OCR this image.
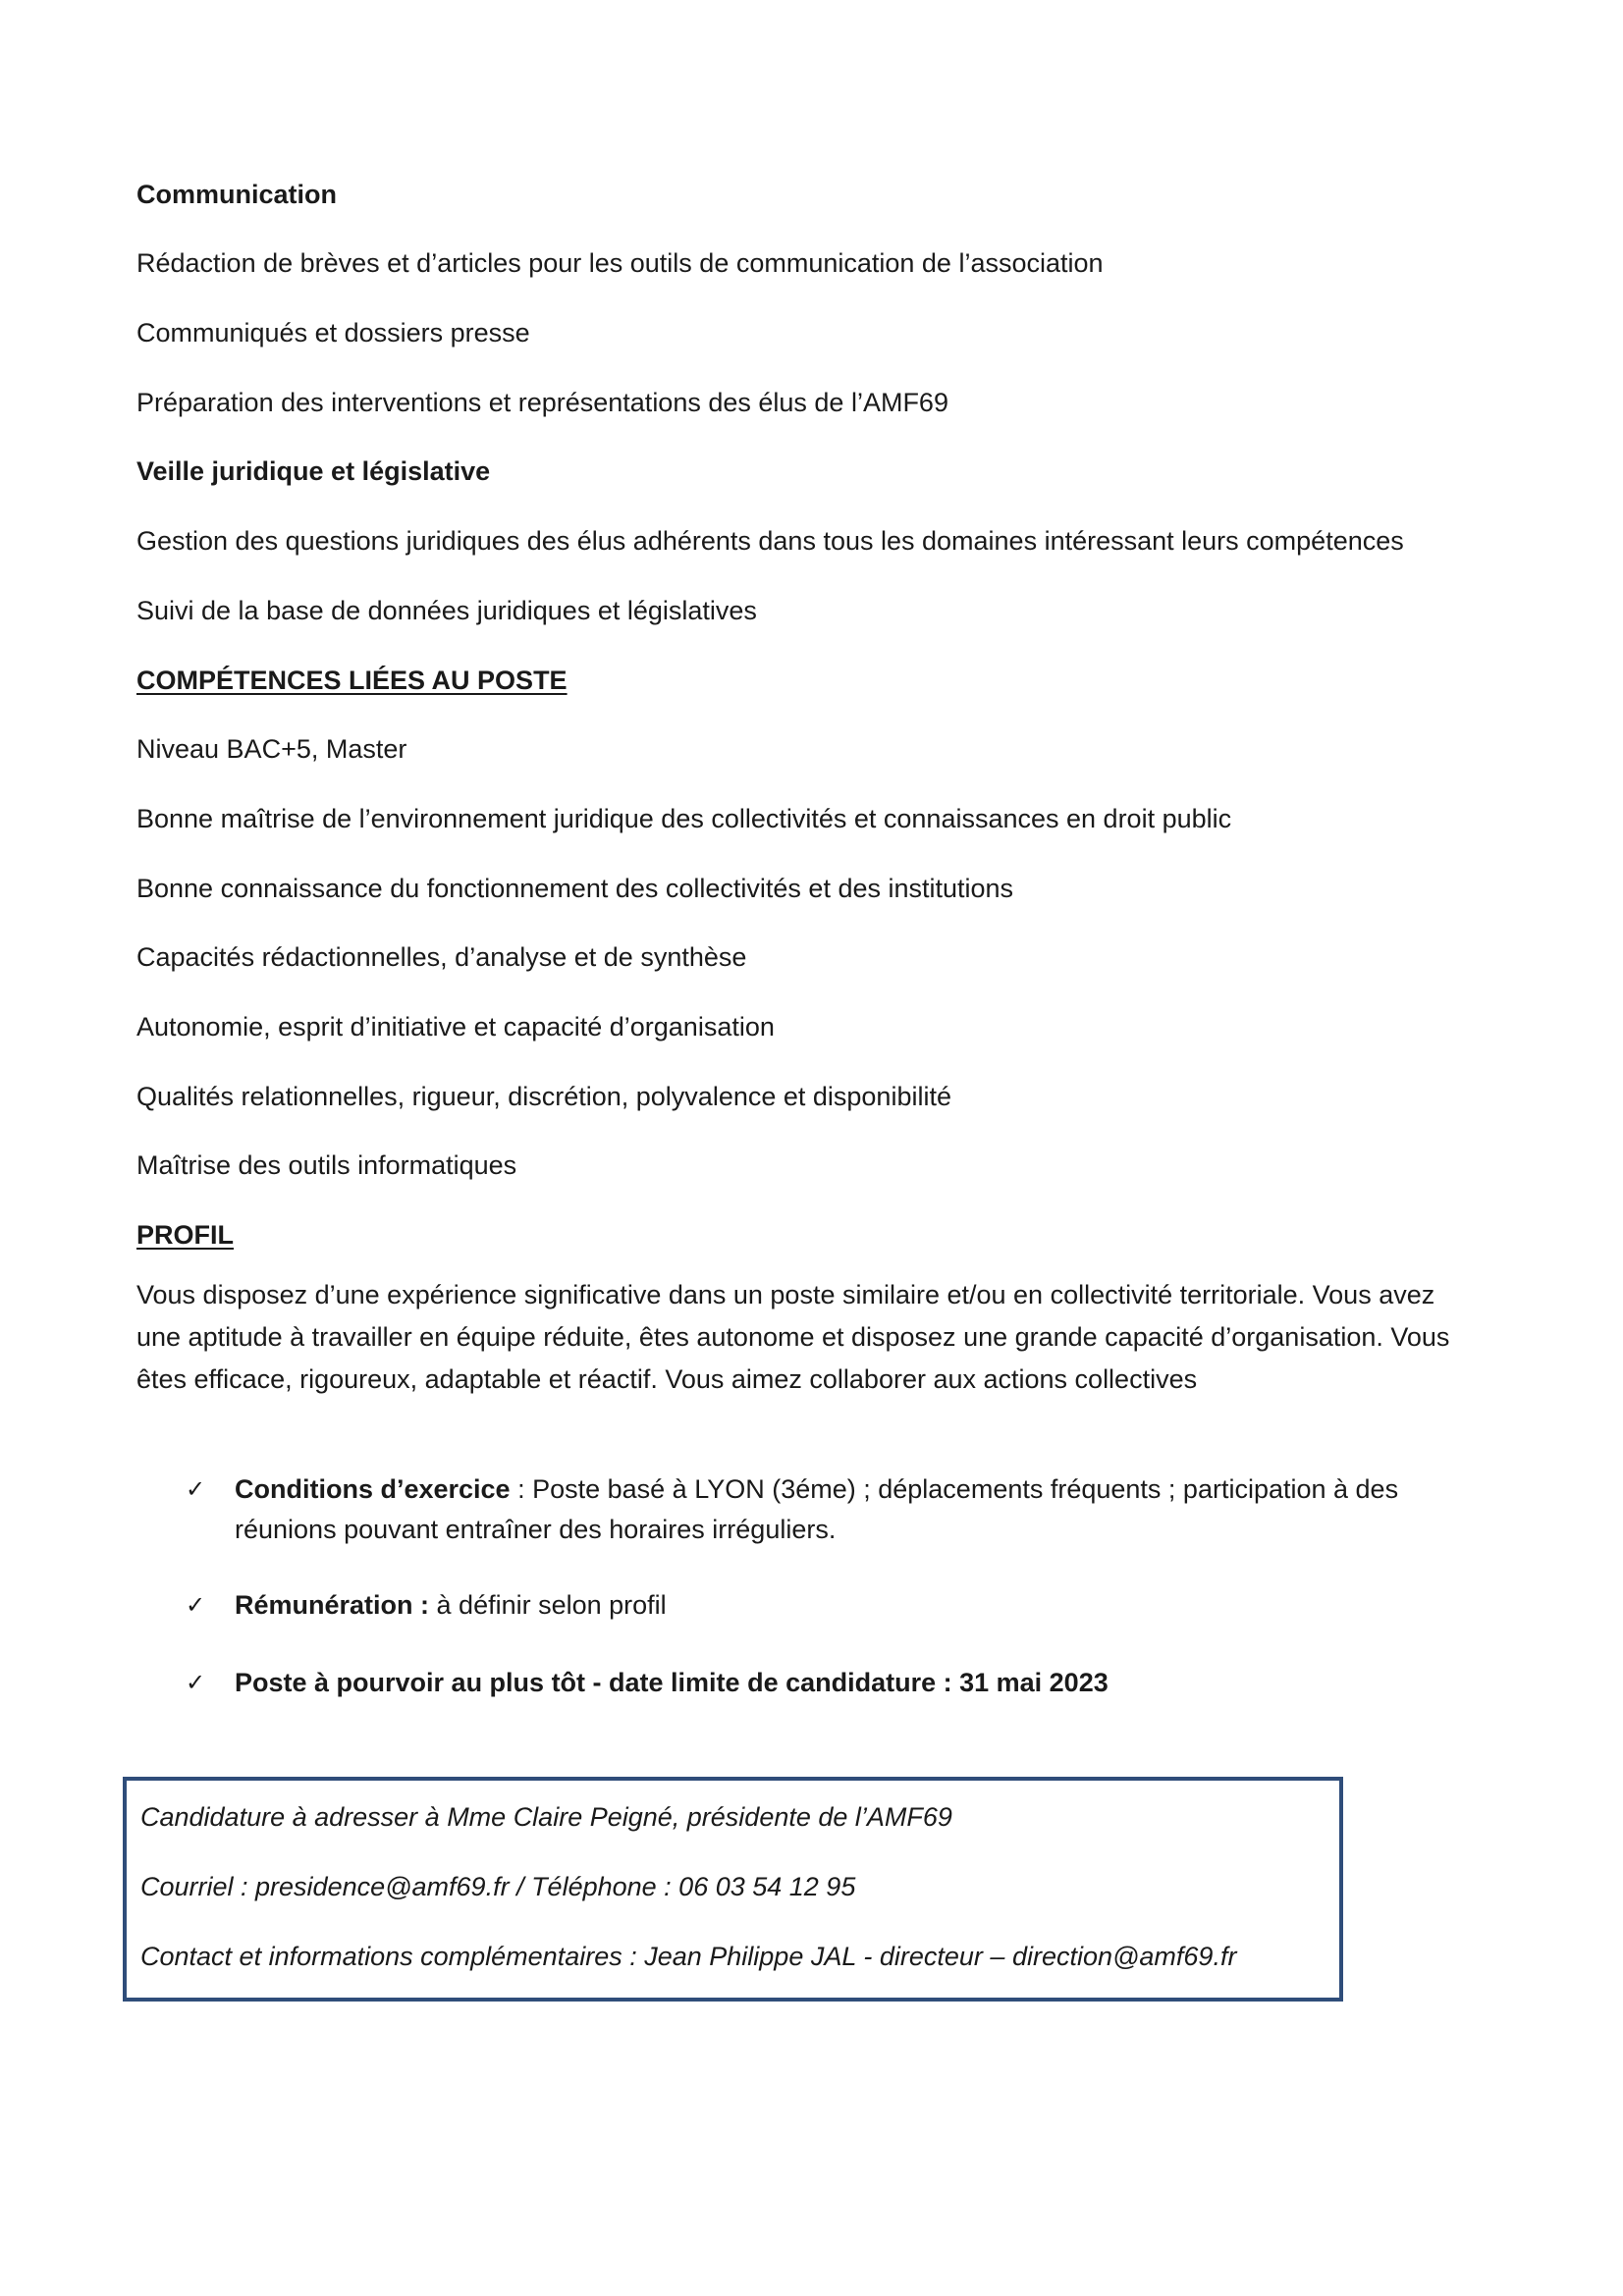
Communication

Rédaction de brèves et d’articles pour les outils de communication de l’association

Communiqués et dossiers presse

Préparation des interventions et représentations des élus de l’AMF69

Veille juridique et législative

Gestion des questions juridiques des élus adhérents dans tous les domaines intéressant leurs compétences

Suivi de la base de données juridiques et législatives

COMPÉTENCES LIÉES AU POSTE

Niveau BAC+5, Master

Bonne maîtrise de l’environnement juridique des collectivités et connaissances en droit public

Bonne connaissance du fonctionnement des collectivités et des institutions

Capacités rédactionnelles, d’analyse et de synthèse

Autonomie, esprit d’initiative et capacité d’organisation

Qualités relationnelles, rigueur, discrétion, polyvalence et disponibilité

Maîtrise des outils informatiques

PROFIL

Vous disposez d’une expérience significative dans un poste similaire et/ou en collectivité territoriale. Vous avez une aptitude à travailler en équipe réduite, êtes autonome et disposez une grande capacité d’organisation. Vous êtes efficace, rigoureux, adaptable et réactif. Vous aimez collaborer aux actions collectives

✓	Conditions d’exercice : Poste basé à LYON (3éme) ; déplacements fréquents ; participation à des réunions pouvant entraîner des horaires irréguliers.
✓	Rémunération : à définir selon profil
✓	Poste à pourvoir au plus tôt - date limite de candidature : 31 mai 2023
Candidature à adresser à Mme Claire Peigné, présidente de l’AMF69
Courriel : presidence@amf69.fr / Téléphone : 06 03 54 12 95
Contact et informations complémentaires : Jean Philippe JAL - directeur – direction@amf69.fr
